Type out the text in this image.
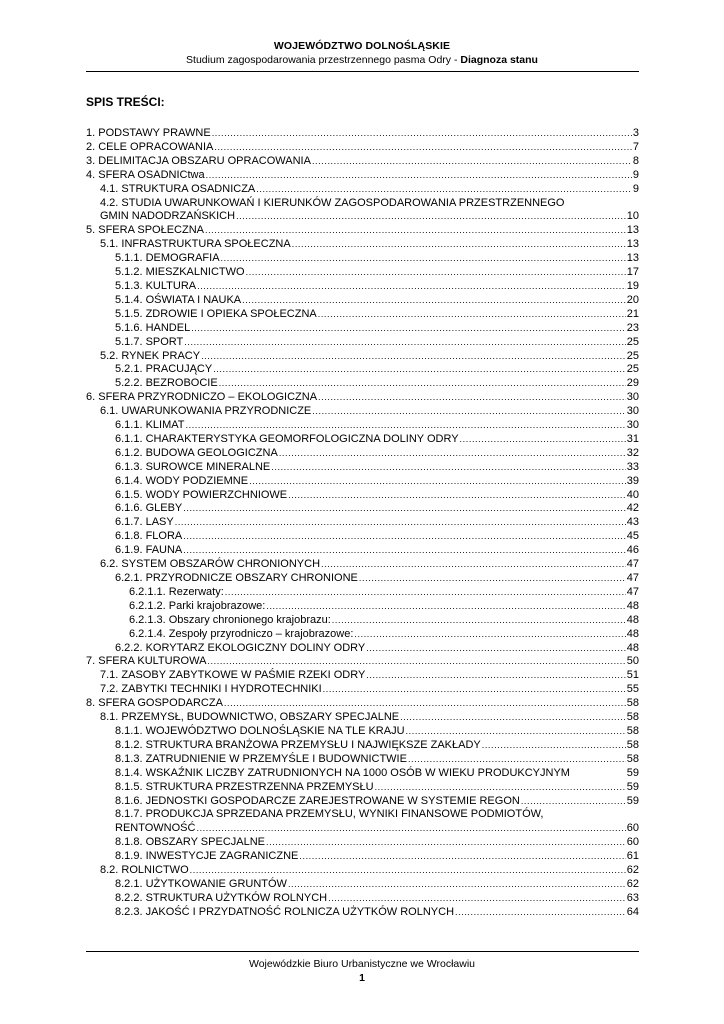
WOJEWÓDZTWO DOLNOŚLĄSKIE
Studium zagospodarowania przestrzennego pasma Odry - Diagnoza stanu
SPIS TREŚCI:
1. PODSTAWY PRAWNE .....	3
2. CELE OPRACOWANIA .....	7
3. DELIMITACJA OBSZARU OPRACOWANIA .....	8
4. SFERA OSADNICtwa .....	9
4.1. STRUKTURA OSADNICZA .....	9
4.2. STUDIA UWARUNKOWAŃ I KIERUNKÓW ZAGOSPODAROWANIA PRZESTRZENNEGO
GMIN NADODRZAŃSKICH .....	10
5. SFERA SPOŁECZNA .....	13
5.1. INFRASTRUKTURA SPOŁECZNA .....	13
5.1.1. DEMOGRAFIA .....	13
5.1.2. MIESZKALNICTWO .....	17
5.1.3. KULTURA .....	19
5.1.4. OŚWIATA I NAUKA .....	20
5.1.5. ZDROWIE I OPIEKA SPOŁECZNA .....	21
5.1.6. HANDEL .....	23
5.1.7. SPORT .....	25
5.2. RYNEK PRACY .....	25
5.2.1. PRACUJĄCY .....	25
5.2.2. BEZROBOCIE .....	29
6. SFERA PRZYRODNICZO – EKOLOGICZNA .....	30
6.1. UWARUNKOWANIA PRZYRODNICZE .....	30
6.1.1. KLIMAT .....	30
6.1.1. CHARAKTERYSTYKA GEOMORFOLOGICZNA DOLINY ODRY .....	31
6.1.2. BUDOWA GEOLOGICZNA .....	32
6.1.3. SUROWCE MINERALNE .....	33
6.1.4. WODY PODZIEMNE .....	39
6.1.5. WODY POWIERZCHNIOWE .....	40
6.1.6. GLEBY .....	42
6.1.7. LASY .....	43
6.1.8. FLORA .....	45
6.1.9. FAUNA .....	46
6.2. SYSTEM OBSZARÓW CHRONIONYCH .....	47
6.2.1. PRZYRODNICZE OBSZARY CHRONIONE .....	47
6.2.1.1. Rezerwaty: .....	47
6.2.1.2. Parki krajobrazowe: .....	48
6.2.1.3. Obszary chronionego krajobrazu: .....	48
6.2.1.4. Zespoły przyrodniczo – krajobrazowe: .....	48
6.2.2. KORYTARZ EKOLOGICZNY DOLINY ODRY .....	48
7. SFERA KULTUROWA .....	50
7.1. ZASOBY ZABYTKOWE W PAŚMIE RZEKI ODRY .....	51
7.2. ZABYTKI TECHNIKI I HYDROTECHNIKI .....	55
8. SFERA GOSPODARCZA .....	58
8.1. PRZEMYSŁ, BUDOWNICTWO, OBSZARY SPECJALNE .....	58
8.1.1. WOJEWÓDZTWO DOLNOŚLĄSKIE NA TLE KRAJU .....	58
8.1.2. STRUKTURA BRANŻOWA PRZEMYSŁU I NAJWIĘKSZE ZAKŁADY .....	58
8.1.3. ZATRUDNIENIE W PRZEMYŚLE I BUDOWNICTWIE .....	58
8.1.4. WSKAŹNIK LICZBY ZATRUDNIONYCH NA 1000 OSÓB W WIEKU PRODUKCYJNYM	59
8.1.5. STRUKTURA PRZESTRZENNA PRZEMYSŁU .....	59
8.1.6. JEDNOSTKI GOSPODARCZE ZAREJESTROWANE W SYSTEMIE REGON .....	59
8.1.7. PRODUKCJA SPRZEDANA PRZEMYSŁU, WYNIKI FINANSOWE PODMIOTÓW,
RENTOWNOŚĆ .....	60
8.1.8. OBSZARY SPECJALNE .....	60
8.1.9. INWESTYCJE ZAGRANICZNE .....	61
8.2. ROLNICTWO .....	62
8.2.1. UŻYTKOWANIE GRUNTÓW .....	62
8.2.2. STRUKTURA UŻYTKÓW ROLNYCH .....	63
8.2.3. JAKOŚĆ I PRZYDATNOŚĆ ROLNICZA UŻYTKÓW ROLNYCH .....	64
Wojewódzkie Biuro Urbanistyczne we Wrocławiu
1
